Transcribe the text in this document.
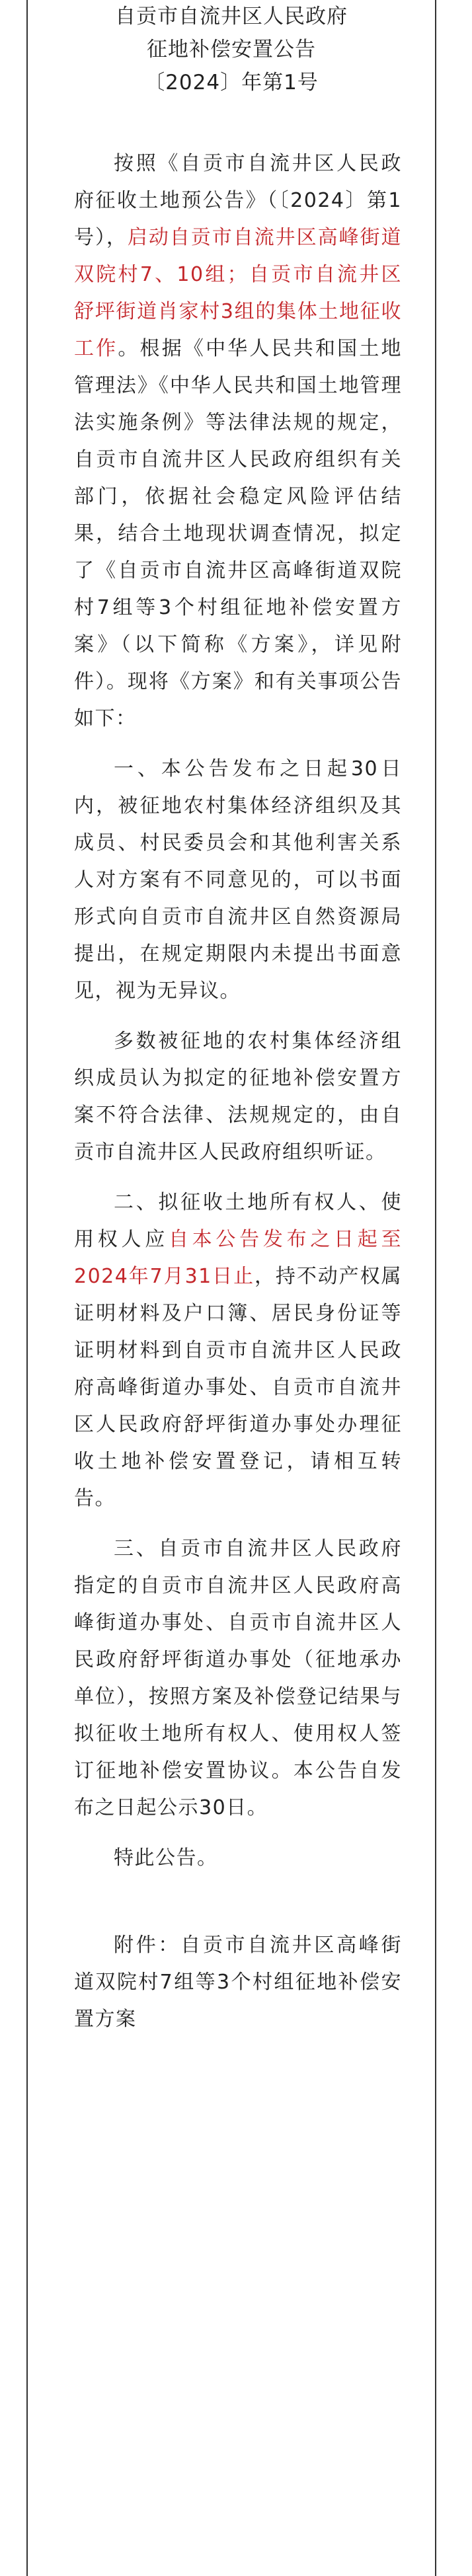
自贡市自流井区人民政府

征地补偿安置公告

〔2024〕年第1号

按照《自贡市自流井区人民政府征收土地预公告》（〔2024〕第1号），启动自贡市自流井区高峰街道双院村7、10组；自贡市自流井区舒坪街道肖家村3组的集体土地征收工作。根据《中华人民共和国土地管理法》《中华人民共和国土地管理法实施条例》等法律法规的规定，自贡市自流井区人民政府组织有关部门，依据社会稳定风险评估结果，结合土地现状调查情况，拟定了《自贡市自流井区高峰街道双院村7组等3个村组征地补偿安置方案》（以下简称《方案》，详见附件）。现将《方案》和有关事项公告如下：

一、本公告发布之日起30日内，被征地农村集体经济组织及其成员、村民委员会和其他利害关系人对方案有不同意见的，可以书面形式向自贡市自流井区自然资源局提出，在规定期限内未提出书面意见，视为无异议。

多数被征地的农村集体经济组织成员认为拟定的征地补偿安置方案不符合法律、法规规定的，由自贡市自流井区人民政府组织听证。

二、拟征收土地所有权人、使用权人应自本公告发布之日起至2024年7月31日止，持不动产权属证明材料及户口簿、居民身份证等证明材料到自贡市自流井区人民政府高峰街道办事处、自贡市自流井区人民政府舒坪街道办事处办理征收土地补偿安置登记，请相互转告。

三、自贡市自流井区人民政府指定的自贡市自流井区人民政府高峰街道办事处、自贡市自流井区人民政府舒坪街道办事处（征地承办单位），按照方案及补偿登记结果与拟征收土地所有权人、使用权人签订征地补偿安置协议。本公告自发布之日起公示30日。

特此公告。

附件：自贡市自流井区高峰街道双院村7组等3个村组征地补偿安置方案
